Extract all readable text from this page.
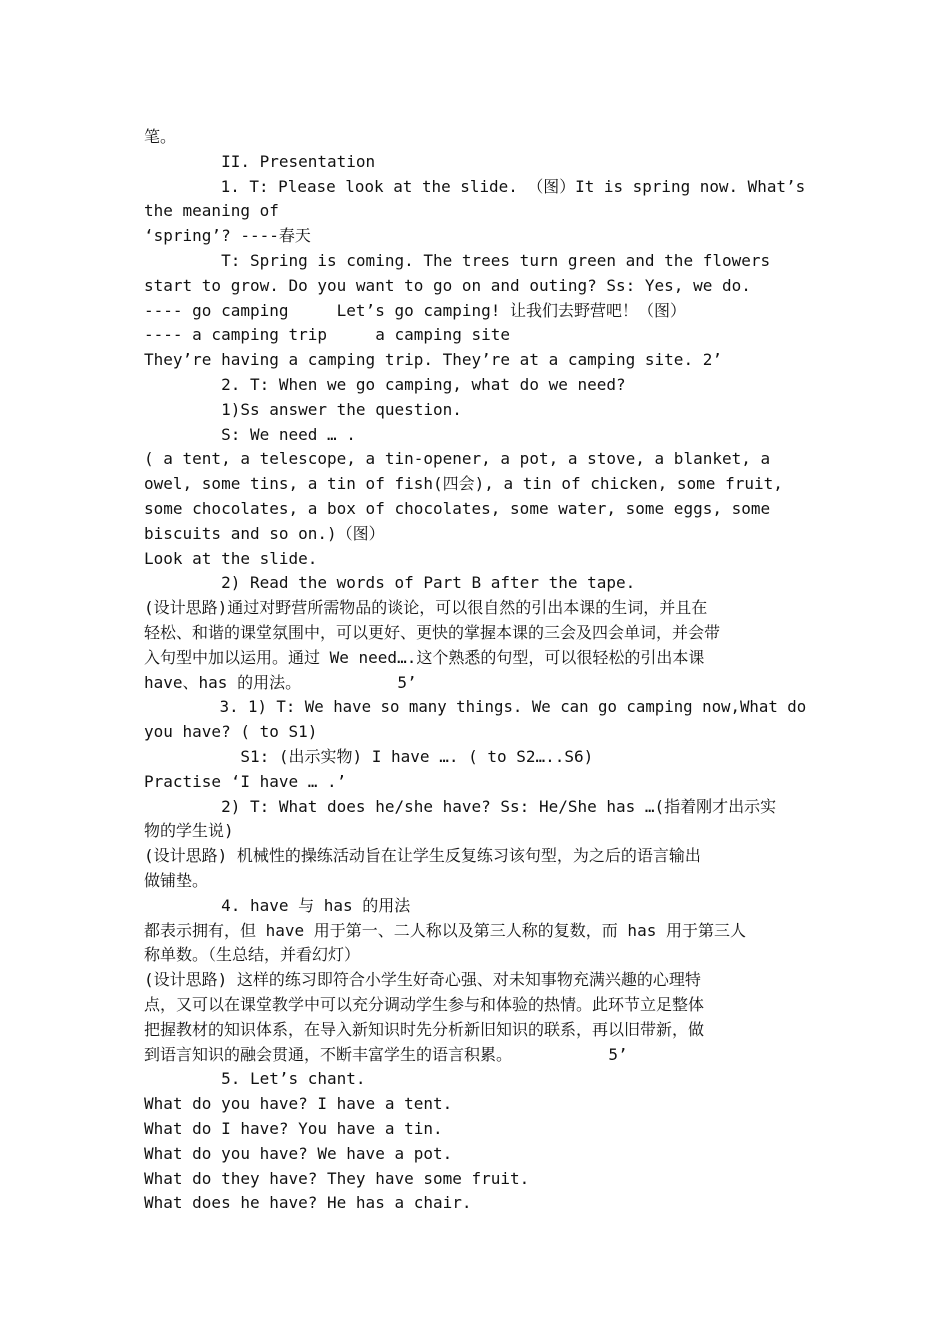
笔。
II. Presentation
1. T: Please look at the slide. （图）It is spring now. What’s
the meaning of
‘spring’? ----春天
T: Spring is coming. The trees turn green and the flowers
start to grow. Do you want to go on and outing? Ss: Yes, we do.
---- go camping     Let’s go camping! 让我们去野营吧！（图）
---- a camping trip     a camping site
They’re having a camping trip. They’re at a camping site. 2’
2. T: When we go camping, what do we need?
1)Ss answer the question.
S: We need … .
( a tent, a telescope, a tin-opener, a pot, a stove, a blanket, a
owel, some tins, a tin of fish(四会), a tin of chicken, some fruit,
some chocolates, a box of chocolates, some water, some eggs, some
biscuits and so on.)（图）
Look at the slide.
2) Read the words of Part B after the tape.
(设计思路)通过对野营所需物品的谈论，可以很自然的引出本课的生词，并且在
轻松、和谐的课堂氛围中，可以更好、更快的掌握本课的三会及四会单词，并会带
入句型中加以运用。通过 We need….这个熟悉的句型，可以很轻松的引出本课
have、has 的用法。          5’
3. 1) T: We have so many things. We can go camping now,What do
you have? ( to S1)
S1: (出示实物) I have …. ( to S2…..S6)
Practise ‘I have … .’
2) T: What does he/she have? Ss: He/She has …(指着刚才出示实
物的学生说)
(设计思路) 机械性的操练活动旨在让学生反复练习该句型，为之后的语言输出
做铺垫。
4. have 与 has 的用法
都表示拥有，但 have 用于第一、二人称以及第三人称的复数，而 has 用于第三人
称单数。（生总结，并看幻灯）
(设计思路) 这样的练习即符合小学生好奇心强、对未知事物充满兴趣的心理特
点，又可以在课堂教学中可以充分调动学生参与和体验的热情。此环节立足整体
把握教材的知识体系，在导入新知识时先分析新旧知识的联系，再以旧带新，做
到语言知识的融会贯通，不断丰富学生的语言积累。          5’
5. Let’s chant.
What do you have? I have a tent.
What do I have? You have a tin.
What do you have? We have a pot.
What do they have? They have some fruit.
What does he have? He has a chair.
